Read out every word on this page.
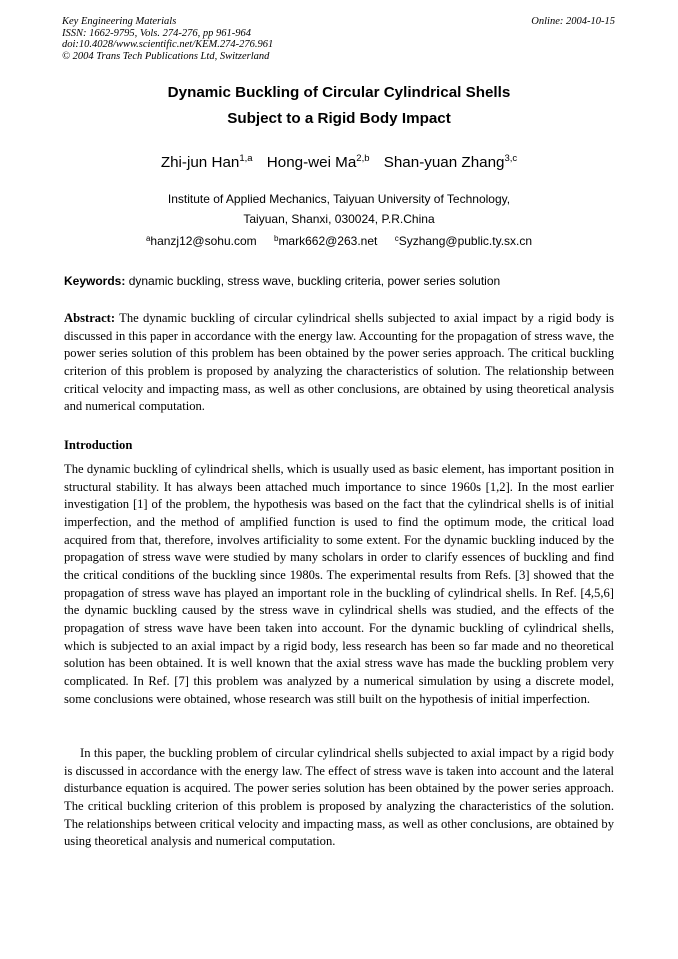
Key Engineering Materials
ISSN: 1662-9795, Vols. 274-276, pp 961-964
doi:10.4028/www.scientific.net/KEM.274-276.961
© 2004 Trans Tech Publications Ltd, Switzerland
Online: 2004-10-15
Dynamic Buckling of Circular Cylindrical Shells
Subject to a Rigid Body Impact
Zhi-jun Han$^{1,a}$ Hong-wei Ma$^{2,b}$ Shan-yuan Zhang$^{3,c}$
Institute of Applied Mechanics, Taiyuan University of Technology,
Taiyuan, Shanxi, 030024, P.R.China
$^a$hanzj12@sohu.com $^b$mark662@263.net $^c$Syzhang@public.ty.sx.cn
Keywords: dynamic buckling, stress wave, buckling criteria, power series solution
Abstract: The dynamic buckling of circular cylindrical shells subjected to axial impact by a rigid body is discussed in this paper in accordance with the energy law. Accounting for the propagation of stress wave, the power series solution of this problem has been obtained by the power series approach. The critical buckling criterion of this problem is proposed by analyzing the characteristics of solution. The relationship between critical velocity and impacting mass, as well as other conclusions, are obtained by using theoretical analysis and numerical computation.
Introduction

The dynamic buckling of cylindrical shells, which is usually used as basic element, has important position in structural stability. It has always been attached much importance to since 1960s [1,2]. In the most earlier investigation [1] of the problem, the hypothesis was based on the fact that the cylindrical shells is of initial imperfection, and the method of amplified function is used to find the optimum mode, the critical load acquired from that, therefore, involves artificiality to some extent. For the dynamic buckling induced by the propagation of stress wave were studied by many scholars in order to clarify essences of buckling and find the critical conditions of the buckling since 1980s. The experimental results from Refs. [3] showed that the propagation of stress wave has played an important role in the buckling of cylindrical shells. In Ref. [4,5,6] the dynamic buckling caused by the stress wave in cylindrical shells was studied, and the effects of the propagation of stress wave have been taken into account. For the dynamic buckling of cylindrical shells, which is subjected to an axial impact by a rigid body, less research has been so far made and no theoretical solution has been obtained. It is well known that the axial stress wave has made the buckling problem very complicated. In Ref. [7] this problem was analyzed by a numerical simulation by using a discrete model, some conclusions were obtained, whose research was still built on the hypothesis of initial imperfection.

In this paper, the buckling problem of circular cylindrical shells subjected to axial impact by a rigid body is discussed in accordance with the energy law. The effect of stress wave is taken into account and the lateral disturbance equation is acquired. The power series solution has been obtained by the power series approach. The critical buckling criterion of this problem is proposed by analyzing the characteristics of the solution. The relationships between critical velocity and impacting mass, as well as other conclusions, are obtained by using theoretical analysis and numerical computation.
